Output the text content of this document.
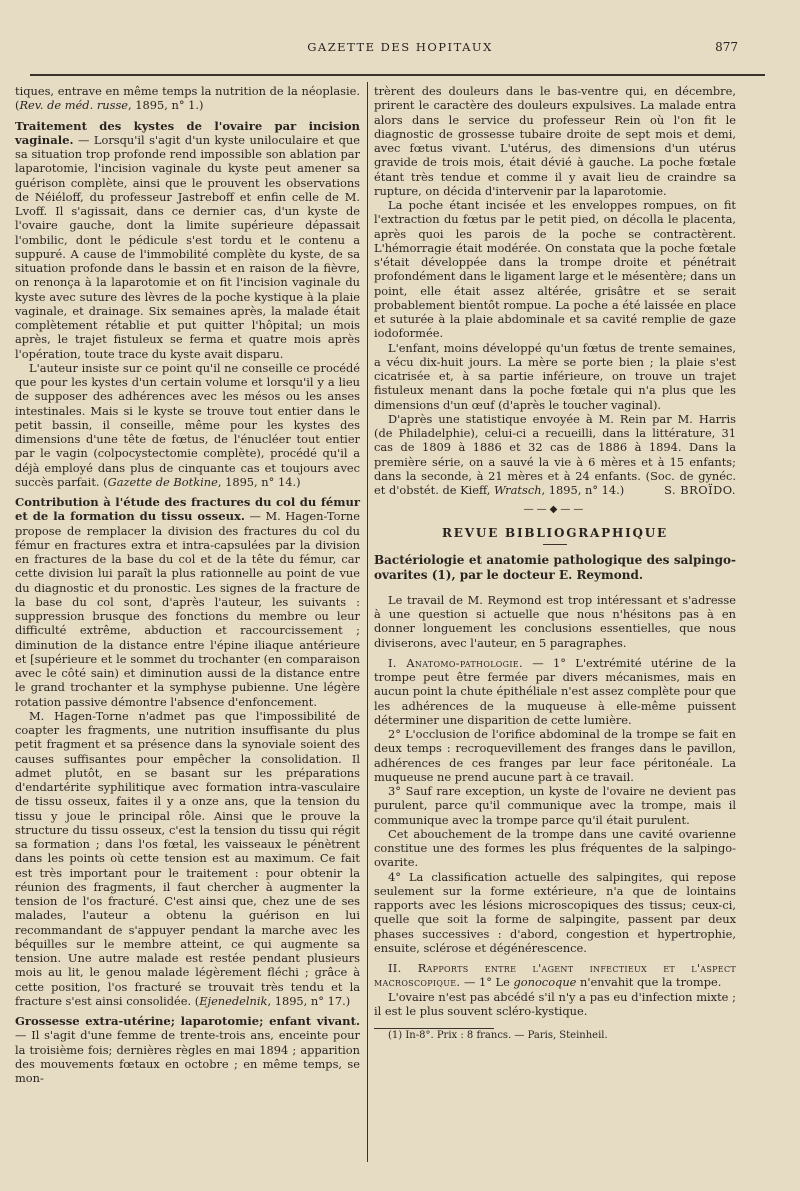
GAZETTE DES HOPITAUX	877

tiques, entrave en même temps la nutrition de la néoplasie. (Rev. de méd. russe, 1895, n° 1.)

Traitement des kystes de l'ovaire par incision vaginale. — Lorsqu'il s'agit d'un kyste uniloculaire et que sa situation trop profonde rend impossible son ablation par laparotomie, l'incision vaginale du kyste peut amener sa guérison complète, ainsi que le prouvent les observations de Néiéloff, du professeur Jastreboff et enfin celle de M. Lvoff. Il s'agissait, dans ce dernier cas, d'un kyste de l'ovaire gauche, dont la limite supérieure dépassait l'ombilic, dont le pédicule s'est tordu et le contenu a suppuré. A cause de l'immobilité complète du kyste, de sa situation profonde dans le bassin et en raison de la fièvre, on renonça à la laparotomie et on fit l'incision vaginale du kyste avec suture des lèvres de la poche kystique à la plaie vaginale, et drainage. Six semaines après, la malade était complètement rétablie et put quitter l'hôpital; un mois après, le trajet fistuleux se ferma et quatre mois après l'opération, toute trace du kyste avait disparu.

L'auteur insiste sur ce point qu'il ne conseille ce procédé que pour les kystes d'un certain volume et lorsqu'il y a lieu de supposer des adhérences avec les mésos ou les anses intestinales. Mais si le kyste se trouve tout entier dans le petit bassin, il conseille, même pour les kystes des dimensions d'une tête de fœtus, de l'énucléer tout entier par le vagin (colpocystectomie complète), procédé qu'il a déjà employé dans plus de cinquante cas et toujours avec succès parfait. (Gazette de Botkine, 1895, n° 14.)

Contribution à l'étude des fractures du col du fémur et de la formation du tissu osseux. — M. Hagen-Torne propose de remplacer la division des fractures du col du fémur en fractures extra et intra-capsulées par la division en fractures de la base du col et de la tête du fémur, car cette division lui paraît la plus rationnelle au point de vue du diagnostic et du pronostic. Les signes de la fracture de la base du col sont, d'après l'auteur, les suivants : suppression brusque des fonctions du membre ou leur difficulté extrême, abduction et raccourcissement ; diminution de la distance entre l'épine iliaque antérieure et [supérieure et le sommet du trochanter (en comparaison avec le côté sain) et diminution aussi de la distance entre le grand trochanter et la symphyse pubienne. Une légère rotation passive démontre l'absence d'enfoncement.

M. Hagen-Torne n'admet pas que l'impossibilité de coapter les fragments, une nutrition insuffisante du plus petit fragment et sa présence dans la synoviale soient des causes suffisantes pour empêcher la consolidation. Il admet plutôt, en se basant sur les préparations d'endartérite syphilitique avec formation intra-vasculaire de tissu osseux, faites il y a onze ans, que la tension du tissu y joue le principal rôle. Ainsi que le prouve la structure du tissu osseux, c'est la tension du tissu qui régit sa formation ; dans l'os fœtal, les vaisseaux le pénètrent dans les points où cette tension est au maximum. Ce fait est très important pour le traitement : pour obtenir la réunion des fragments, il faut chercher à augmenter la tension de l'os fracturé. C'est ainsi que, chez une de ses malades, l'auteur a obtenu la guérison en lui recommandant de s'appuyer pendant la marche avec les béquilles sur le membre atteint, ce qui augmente sa tension. Une autre malade est restée pendant plusieurs mois au lit, le genou malade légèrement fléchi ; grâce à cette position, l'os fracturé se trouvait très tendu et la fracture s'est ainsi consolidée. (Ejenedelnik, 1895, n° 17.)

Grossesse extra-utérine; laparotomie; enfant vivant. — Il s'agit d'une femme de trente-trois ans, enceinte pour la troisième fois; dernières règles en mai 1894 ; apparition des mouvements fœtaux en octobre ; en même temps, se mon-

trèrent des douleurs dans le bas-ventre qui, en décembre, prirent le caractère des douleurs expulsives. La malade entra alors dans le service du professeur Rein où l'on fit le diagnostic de grossesse tubaire droite de sept mois et demi, avec fœtus vivant. L'utérus, des dimensions d'un utérus gravide de trois mois, était dévié à gauche. La poche fœtale étant très tendue et comme il y avait lieu de craindre sa rupture, on décida d'intervenir par la laparotomie.

La poche étant incisée et les enveloppes rompues, on fit l'extraction du fœtus par le petit pied, on décolla le placenta, après quoi les parois de la poche se contractèrent. L'hémorragie était modérée. On constata que la poche fœtale s'était développée dans la trompe droite et pénétrait profondément dans le ligament large et le mésentère; dans un point, elle était assez altérée, grisâtre et se serait probablement bientôt rompue. La poche a été laissée en place et suturée à la plaie abdominale et sa cavité remplie de gaze iodoformée.

L'enfant, moins développé qu'un fœtus de trente semaines, a vécu dix-huit jours. La mère se porte bien ; la plaie s'est cicatrisée et, à sa partie inférieure, on trouve un trajet fistuleux menant dans la poche fœtale qui n'a plus que les dimensions d'un œuf (d'après le toucher vaginal).

D'après une statistique envoyée à M. Rein par M. Harris (de Philadelphie), celui-ci a recueilli, dans la littérature, 31 cas de 1809 à 1886 et 32 cas de 1886 à 1894. Dans la première série, on a sauvé la vie à 6 mères et à 15 enfants; dans la seconde, à 21 mères et à 24 enfants. (Soc. de gynéc. et d'obstét. de Kieff, Wratsch, 1895, n° 14.)	S. BROÏDO.

——◆——
REVUE BIBLIOGRAPHIQUE
Bactériologie et anatomie pathologique des salpingo-ovarites (1), par le docteur E. Reymond.

Le travail de M. Reymond est trop intéressant et s'adresse à une question si actuelle que nous n'hésitons pas à en donner longuement les conclusions essentielles, que nous diviserons, avec l'auteur, en 5 paragraphes.

I. Anatomo-pathologie. — 1° L'extrémité utérine de la trompe peut être fermée par divers mécanismes, mais en aucun point la chute épithéliale n'est assez complète pour que les adhérences de la muqueuse à elle-même puissent déterminer une disparition de cette lumière.

2° L'occlusion de l'orifice abdominal de la trompe se fait en deux temps : recroquevillement des franges dans le pavillon, adhérences de ces franges par leur face péritonéale. La muqueuse ne prend aucune part à ce travail.

3° Sauf rare exception, un kyste de l'ovaire ne devient pas purulent, parce qu'il communique avec la trompe, mais il communique avec la trompe parce qu'il était purulent.

Cet abouchement de la trompe dans une cavité ovarienne constitue une des formes les plus fréquentes de la salpingo-ovarite.

4° La classification actuelle des salpingites, qui repose seulement sur la forme extérieure, n'a que de lointains rapports avec les lésions microscopiques des tissus; ceux-ci, quelle que soit la forme de salpingite, passent par deux phases successives : d'abord, congestion et hypertrophie, ensuite, sclérose et dégénérescence.

II. Rapports entre l'agent infectieux et l'aspect macroscopique. — 1° Le gonocoque n'envahit que la trompe.

L'ovaire n'est pas abcédé s'il n'y a pas eu d'infection mixte ; il est le plus souvent scléro-kystique.

(1) In-8°. Prix : 8 francs. — Paris, Steinheil.
